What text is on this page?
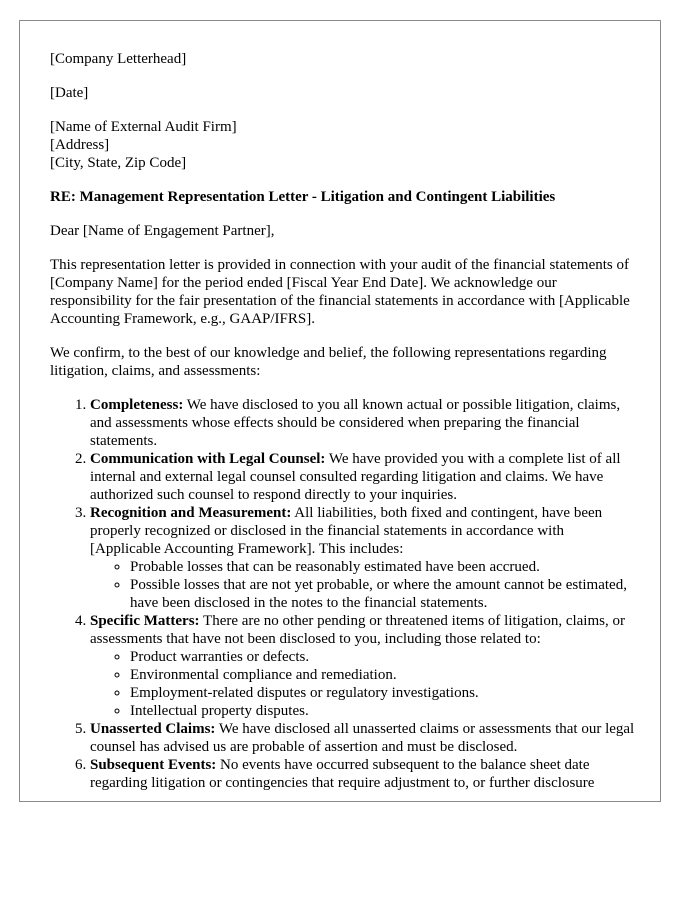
[Company Letterhead]

[Date]

[Name of External Audit Firm]
[Address]
[City, State, Zip Code]

RE: Management Representation Letter - Litigation and Contingent Liabilities

Dear [Name of Engagement Partner],

This representation letter is provided in connection with your audit of the financial statements of [Company Name] for the period ended [Fiscal Year End Date]. We acknowledge our responsibility for the fair presentation of the financial statements in accordance with [Applicable Accounting Framework, e.g., GAAP/IFRS].

We confirm, to the best of our knowledge and belief, the following representations regarding litigation, claims, and assessments:

1. Completeness: We have disclosed to you all known actual or possible litigation, claims, and assessments whose effects should be considered when preparing the financial statements.
2. Communication with Legal Counsel: We have provided you with a complete list of all internal and external legal counsel consulted regarding litigation and claims. We have authorized such counsel to respond directly to your inquiries.
3. Recognition and Measurement: All liabilities, both fixed and contingent, have been properly recognized or disclosed in the financial statements in accordance with [Applicable Accounting Framework]. This includes:
◦ Probable losses that can be reasonably estimated have been accrued.
◦ Possible losses that are not yet probable, or where the amount cannot be estimated, have been disclosed in the notes to the financial statements.
4. Specific Matters: There are no other pending or threatened items of litigation, claims, or assessments that have not been disclosed to you, including those related to:
◦ Product warranties or defects.
◦ Environmental compliance and remediation.
◦ Employment-related disputes or regulatory investigations.
◦ Intellectual property disputes.
5. Unasserted Claims: We have disclosed all unasserted claims or assessments that our legal counsel has advised us are probable of assertion and must be disclosed.
6. Subsequent Events: No events have occurred subsequent to the balance sheet date regarding litigation or contingencies that require adjustment to, or further disclosure
